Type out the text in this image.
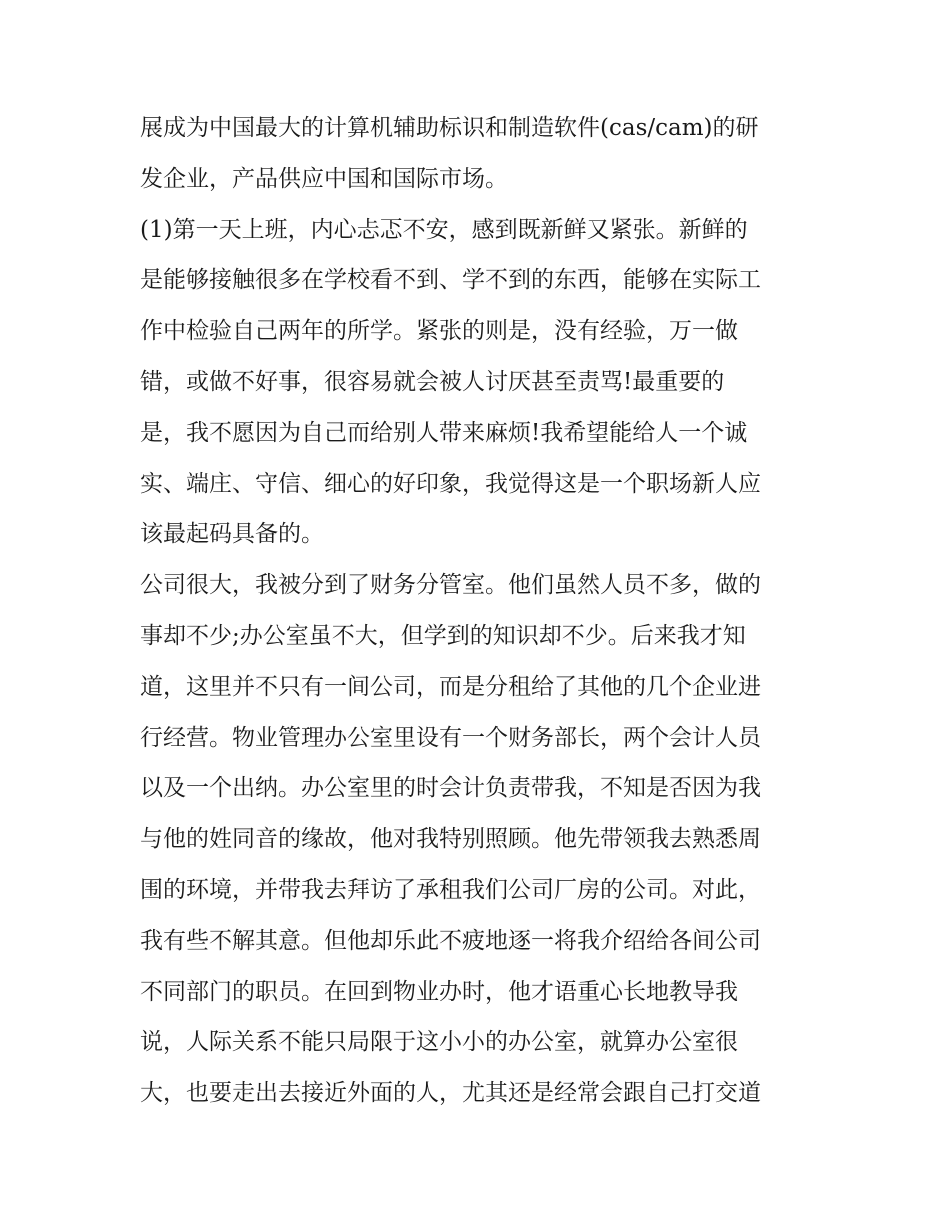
展成为中国最大的计算机辅助标识和制造软件(cas/cam)的研
发企业，产品供应中国和国际市场。
(1)第一天上班，内心忐忑不安，感到既新鲜又紧张。新鲜的
是能够接触很多在学校看不到、学不到的东西，能够在实际工
作中检验自己两年的所学。紧张的则是，没有经验，万一做
错，或做不好事，很容易就会被人讨厌甚至责骂!最重要的
是，我不愿因为自己而给别人带来麻烦!我希望能给人一个诚
实、端庄、守信、细心的好印象，我觉得这是一个职场新人应
该最起码具备的。
公司很大，我被分到了财务分管室。他们虽然人员不多，做的
事却不少;办公室虽不大，但学到的知识却不少。后来我才知
道，这里并不只有一间公司，而是分租给了其他的几个企业进
行经营。物业管理办公室里设有一个财务部长，两个会计人员
以及一个出纳。办公室里的时会计负责带我，不知是否因为我
与他的姓同音的缘故，他对我特别照顾。他先带领我去熟悉周
围的环境，并带我去拜访了承租我们公司厂房的公司。对此，
我有些不解其意。但他却乐此不疲地逐一将我介绍给各间公司
不同部门的职员。在回到物业办时，他才语重心长地教导我
说，人际关系不能只局限于这小小的办公室，就算办公室很
大，也要走出去接近外面的人，尤其还是经常会跟自己打交道
